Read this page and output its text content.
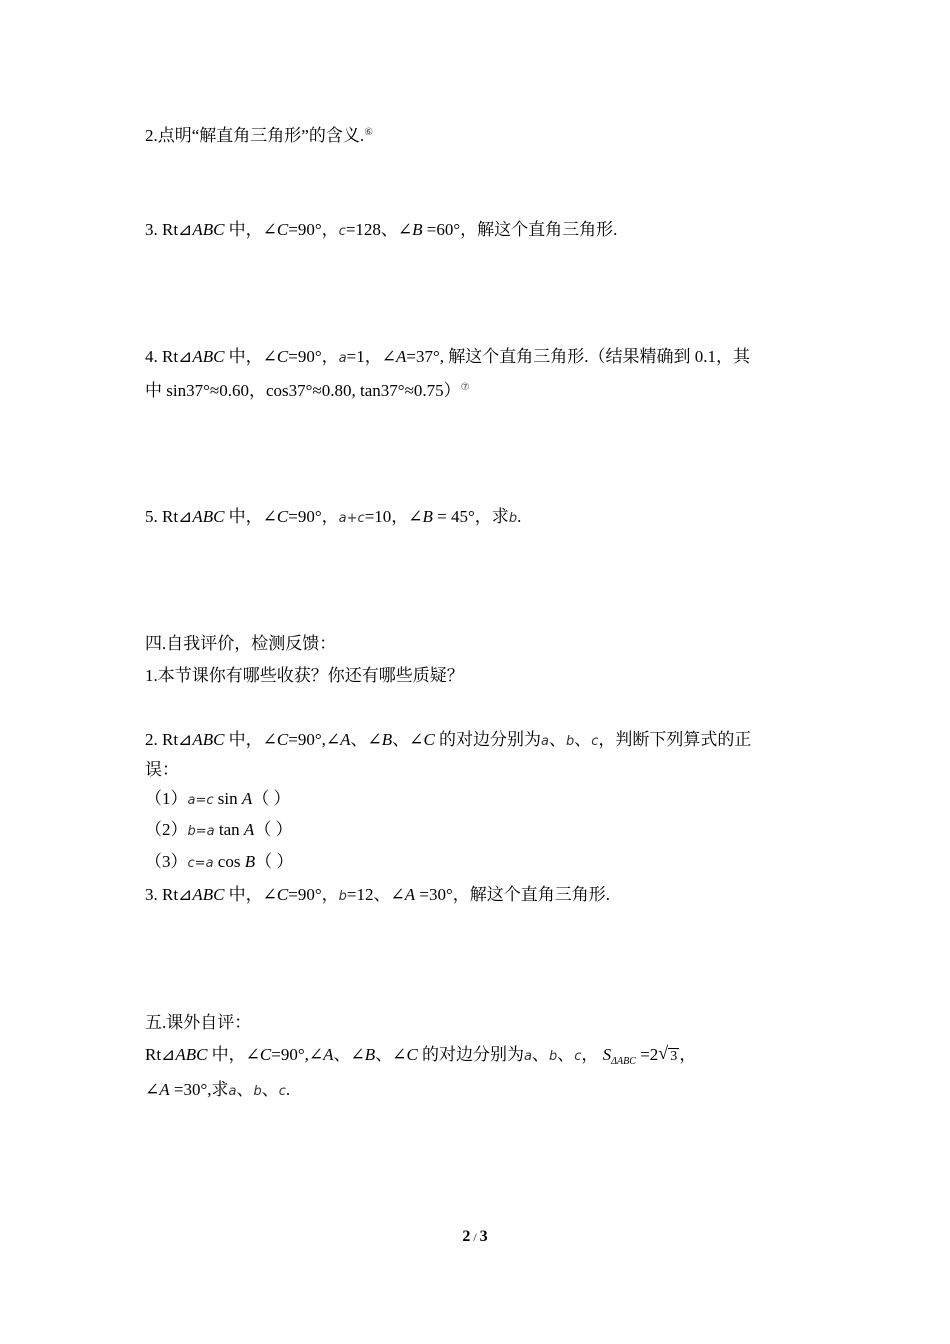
2.点明“解直角三角形”的含义.⑥
3. Rt⊿ABC 中，∠C=90°，c=128、∠B =60°，解这个直角三角形.
4. Rt⊿ABC 中，∠C=90°，a=1，∠A=37°, 解这个直角三角形.（结果精确到 0.1，其
中 sin37°≈0.60，cos37°≈0.80, tan37°≈0.75）⑦
5. Rt⊿ABC 中，∠C=90°，a+c=10，∠B = 45°，求b.
四.自我评价，检测反馈：
1.本节课你有哪些收获？你还有哪些质疑？
2. Rt⊿ABC 中，∠C=90°,∠A、∠B、∠C 的对边分别为a、b、c，判断下列算式的正
误：
（1）a=c sin A（ ）
（2）b=a tan A（ ）
（3）c=a cos B（ ）
3. Rt⊿ABC 中，∠C=90°，b=12、∠A =30°，解这个直角三角形.
五.课外自评：
Rt⊿ABC 中，∠C=90°,∠A、∠B、∠C 的对边分别为a、b、c， $S_{\Delta ABC} =2$ √ 3 ，
∠A =30°,求a、b、c.
2 / 3
